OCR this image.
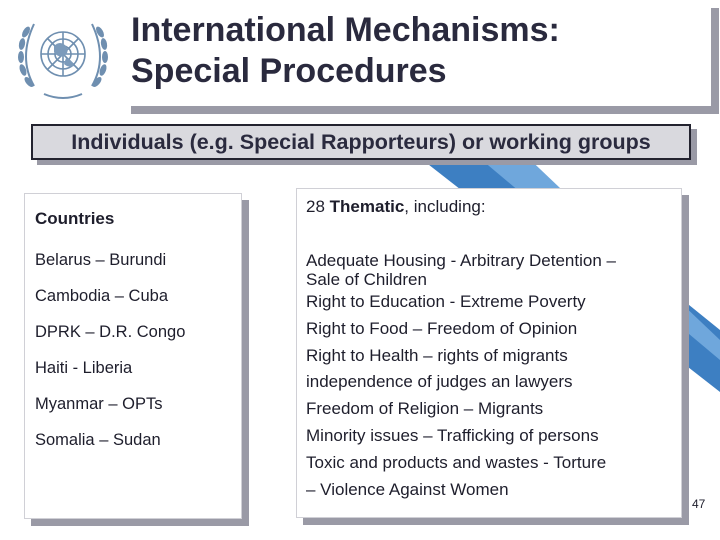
International Mechanisms:
Special Procedures
Individuals (e.g. Special Rapporteurs) or working groups
Countries
Belarus – Burundi
Cambodia – Cuba
DPRK – D.R. Congo
Haiti - Liberia
Myanmar – OPTs
Somalia – Sudan
28 Thematic, including:
Adequate Housing - Arbitrary Detention –
Sale of Children
Right to Education - Extreme Poverty
Right to Food – Freedom of Opinion
Right to Health – rights of migrants
independence of judges an lawyers
Freedom of Religion – Migrants
Minority issues – Trafficking of persons
Toxic and products and wastes - Torture
– Violence Against Women
47
